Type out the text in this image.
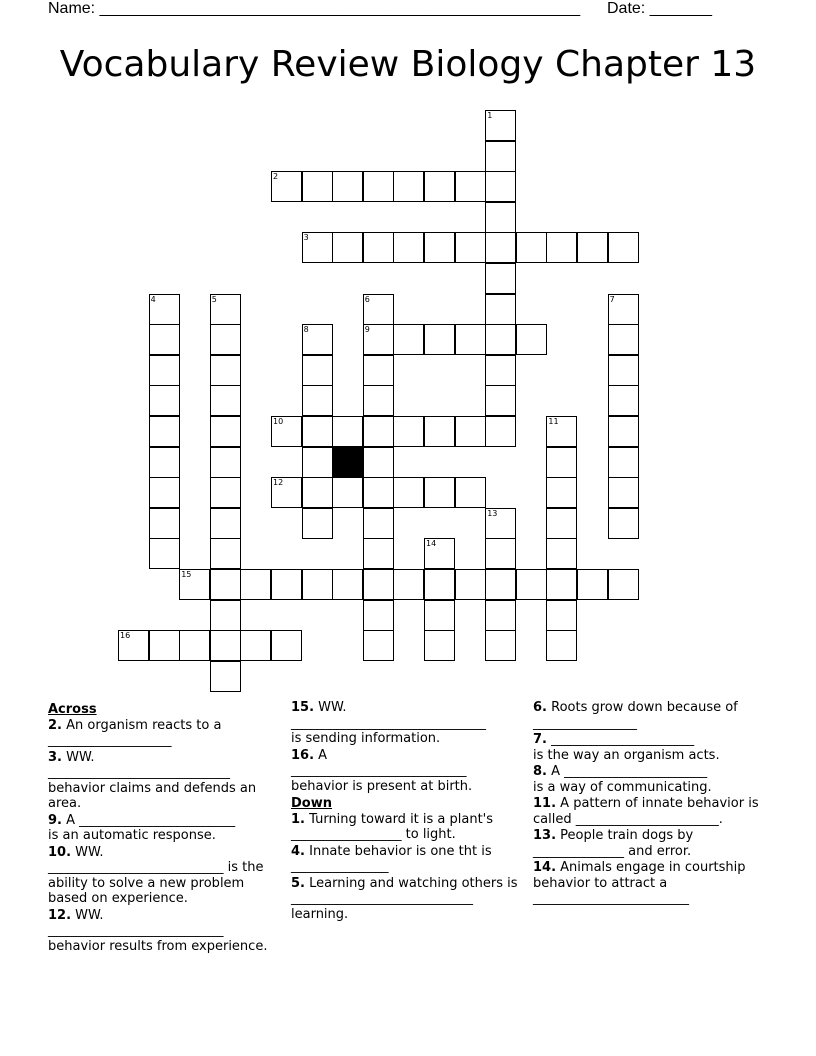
Name: ______________________________________________________ Date: _______
Vocabulary Review Biology Chapter 13
1
2
3
4	5	6
9
7
8
10	11
12
13
14
15
16
Across
2. An organism reacts to a
___________________
3. WW.
____________________________
behavior claims and defends an area.
9. A ________________________
is an automatic response.
10. WW.
___________________________ is the ability to solve a new problem based on experience.
12. WW.
___________________________
behavior results from experience.
15. WW.
______________________________
is sending information.
16. A
___________________________
behavior is present at birth.
Down
1. Turning toward it is a plant's
_________________ to light.
4. Innate behavior is one tht is
_______________
5. Learning and watching others is
____________________________
learning.
6. Roots grow down because of
________________
7. ______________________
is the way an organism acts.
8. A ______________________
is a way of communicating.
11. A pattern of innate behavior is called ______________________.
13. People train dogs by
______________ and error.
14. Animals engage in courtship behavior to attract a
________________________
